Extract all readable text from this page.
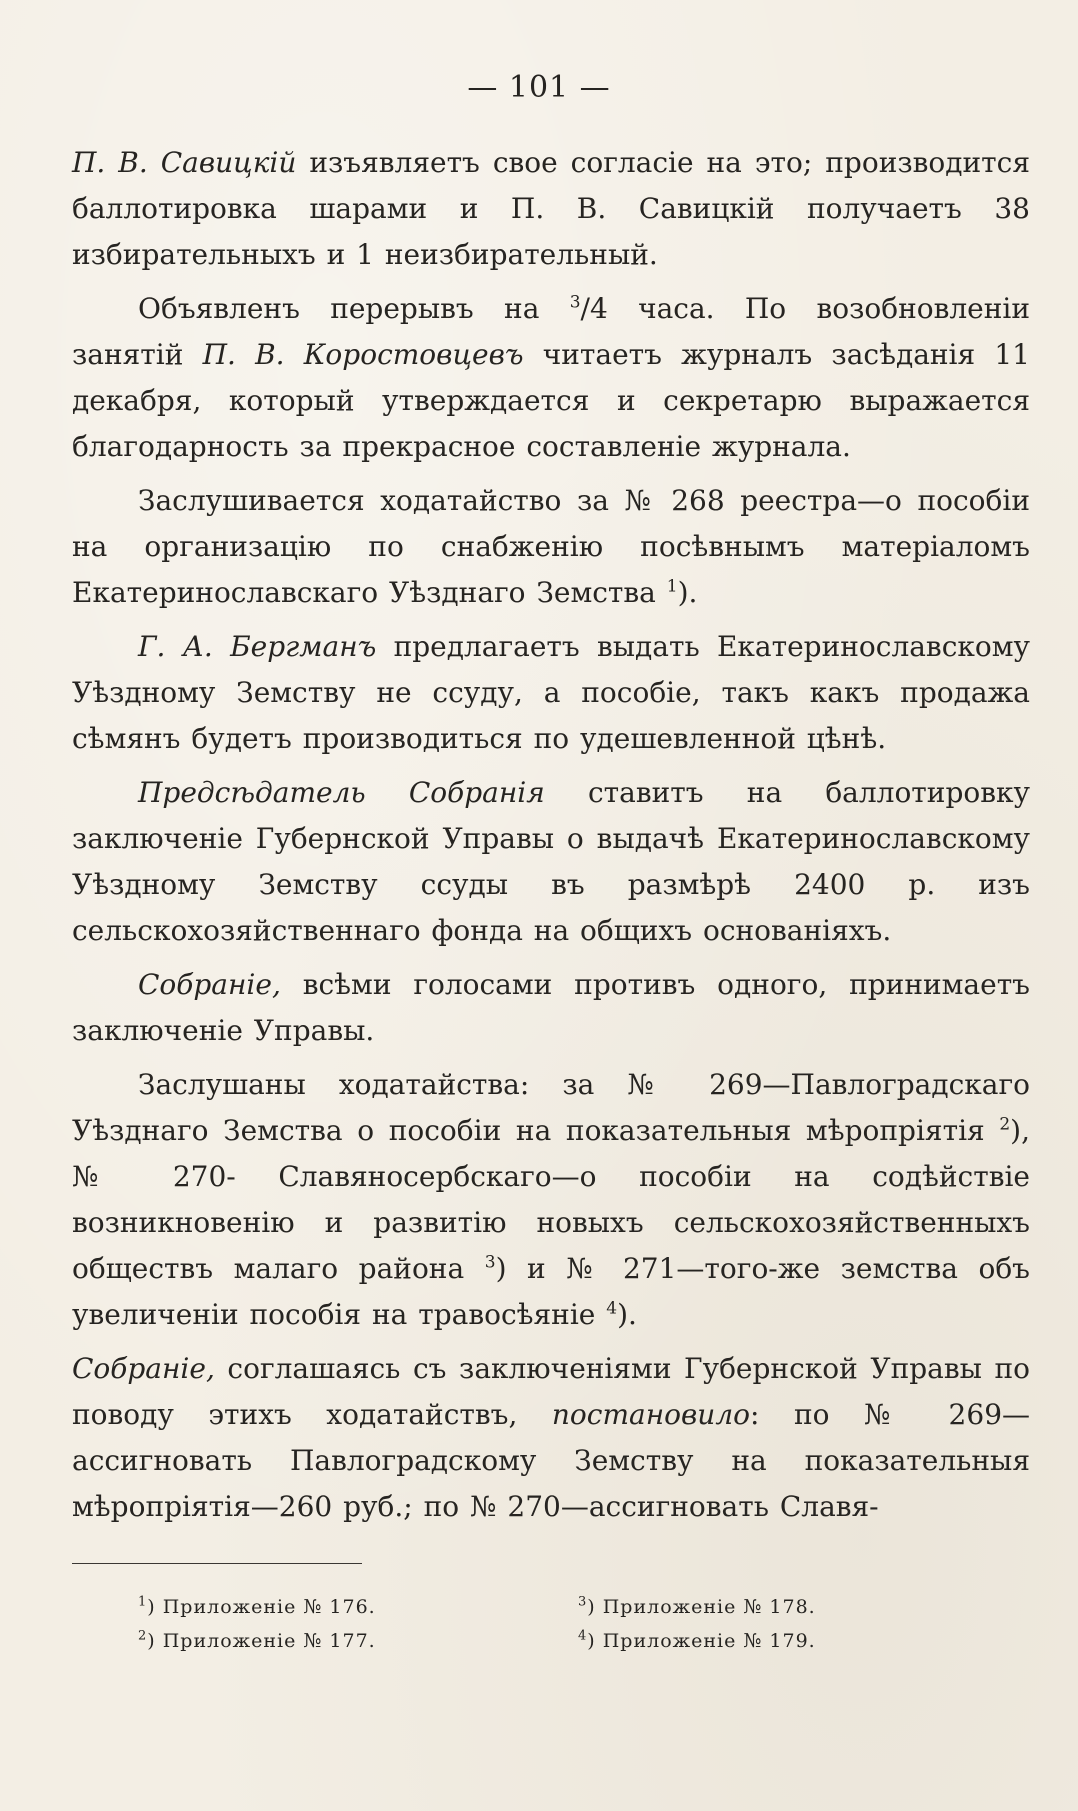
— 101 —

П. В. Савицкій изъявляетъ свое согласіе на это; производится баллотировка шарами и П. В. Савицкій получаетъ 38 избирательныхъ и 1 неизбирательный.

Объявленъ перерывъ на $^3$/4 часа. По возобновленіи занятій П. В. Коростовцевъ читаетъ журналъ засѣданія 11 декабря, который утверждается и секретарю выражается благодарность за прекрасное составленіе журнала.

Заслушивается ходатайство за № 268 реестра—о пособіи на организацію по снабженію посѣвнымъ матеріаломъ Екатеринославскаго Уѣзднаго Земства $^1$).

Г. А. Бергманъ предлагаетъ выдать Екатеринославскому Уѣздному Земству не ссуду, а пособіе, такъ какъ продажа сѣмянъ будетъ производиться по удешевленной цѣнѣ.

Предсѣдатель Собранія ставитъ на баллотировку заключеніе Губернской Управы о выдачѣ Екатеринославскому Уѣздному Земству ссуды въ размѣрѣ 2400 р. изъ сельскохозяйственнаго фонда на общихъ основаніяхъ.

Собраніе, всѣми голосами противъ одного, принимаетъ заключеніе Управы.

Заслушаны ходатайства: за № 269—Павлоградскаго Уѣзднаго Земства о пособіи на показательныя мѣропріятія $^2$), № 270- Славяносербскаго—о пособіи на содѣйствіе возникновенію и развитію новыхъ сельскохозяйственныхъ обществъ малаго района $^3$) и № 271—того-же земства объ увеличеніи пособія на травосѣяніе $^4$).

Собраніе, соглашаясь съ заключеніями Губернской Управы по поводу этихъ ходатайствъ, постановило: по № 269—ассигновать Павлоградскому Земству на показательныя мѣропріятія—260 руб.; по № 270—ассигновать Славя-

$^1$) Приложеніе № 176.
$^2$) Приложеніе № 177.
$^3$) Приложеніе № 178.
$^4$) Приложеніе № 179.
